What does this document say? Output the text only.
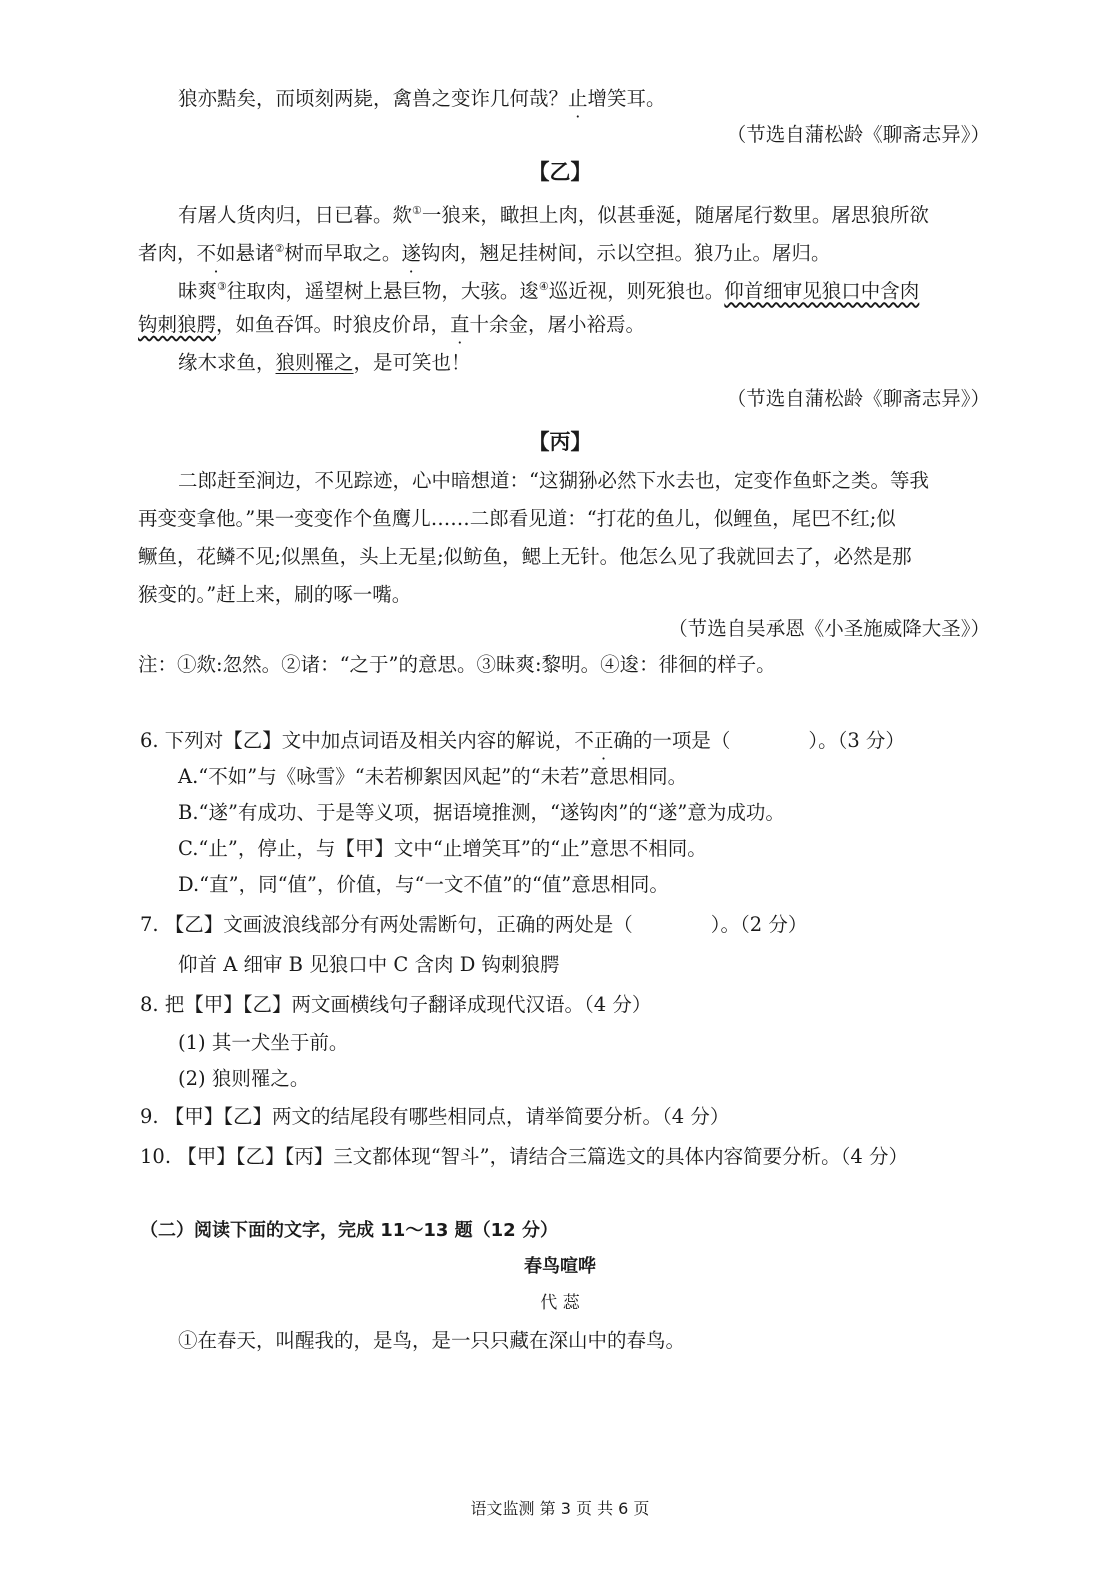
狼亦黠矣，而顷刻两毙，禽兽之变诈几何哉？止增笑耳。
（节选自蒲松龄《聊斋志异》）
【乙】
有屠人货肉归，日已暮。欻①一狼来，瞰担上肉，似甚垂涎，随屠尾行数里。屠思狼所欲
者肉，不如悬诸②树而早取之。遂钩肉，翘足挂树间，示以空担。狼乃止。屠归。
昧爽③往取肉，遥望树上悬巨物，大骇。逡④巡近视，则死狼也。仰首细审见狼口中含肉
钩刺狼腭，如鱼吞饵。时狼皮价昂，直十余金，屠小裕焉。
缘木求鱼，狼则罹之，是可笑也！
（节选自蒲松龄《聊斋志异》）
【丙】
二郎赶至涧边，不见踪迹，心中暗想道：“这猢狲必然下水去也，定变作鱼虾之类。等我
再变变拿他。”果一变变作个鱼鹰儿……二郎看见道：“打花的鱼儿，似鲤鱼，尾巴不红;似
鳜鱼，花鳞不见;似黑鱼，头上无星;似鲂鱼，鳃上无针。他怎么见了我就回去了，必然是那
猴变的。”赶上来，刷的啄一嘴。
（节选自吴承恩《小圣施威降大圣》）
注：①欻:忽然。②诸：“之于”的意思。③昧爽:黎明。④逡：徘徊的样子。
6. 下列对【乙】文中加点词语及相关内容的解说，不正确的一项是（　　　　）。（3 分）
A.“不如”与《咏雪》“未若柳絮因风起”的“未若”意思相同。
B.“遂”有成功、于是等义项，据语境推测，“遂钩肉”的“遂”意为成功。
C.“止”，停止，与【甲】文中“止增笑耳”的“止”意思不相同。
D.“直”，同“值”，价值，与“一文不值”的“值”意思相同。
7. 【乙】文画波浪线部分有两处需断句，正确的两处是（　　　　）。（2 分）
仰首 A 细审 B 见狼口中 C 含肉 D 钩刺狼腭
8. 把【甲】【乙】两文画横线句子翻译成现代汉语。（4 分）
(1) 其一犬坐于前。
(2) 狼则罹之。
9. 【甲】【乙】两文的结尾段有哪些相同点，请举简要分析。（4 分）
10. 【甲】【乙】【丙】三文都体现“智斗”，请结合三篇选文的具体内容简要分析。（4 分）
（二）阅读下面的文字，完成 11～13 题（12 分）
春鸟喧哗
代 蕊
①在春天，叫醒我的，是鸟，是一只只藏在深山中的春鸟。
语文监测 第 3 页 共 6 页
